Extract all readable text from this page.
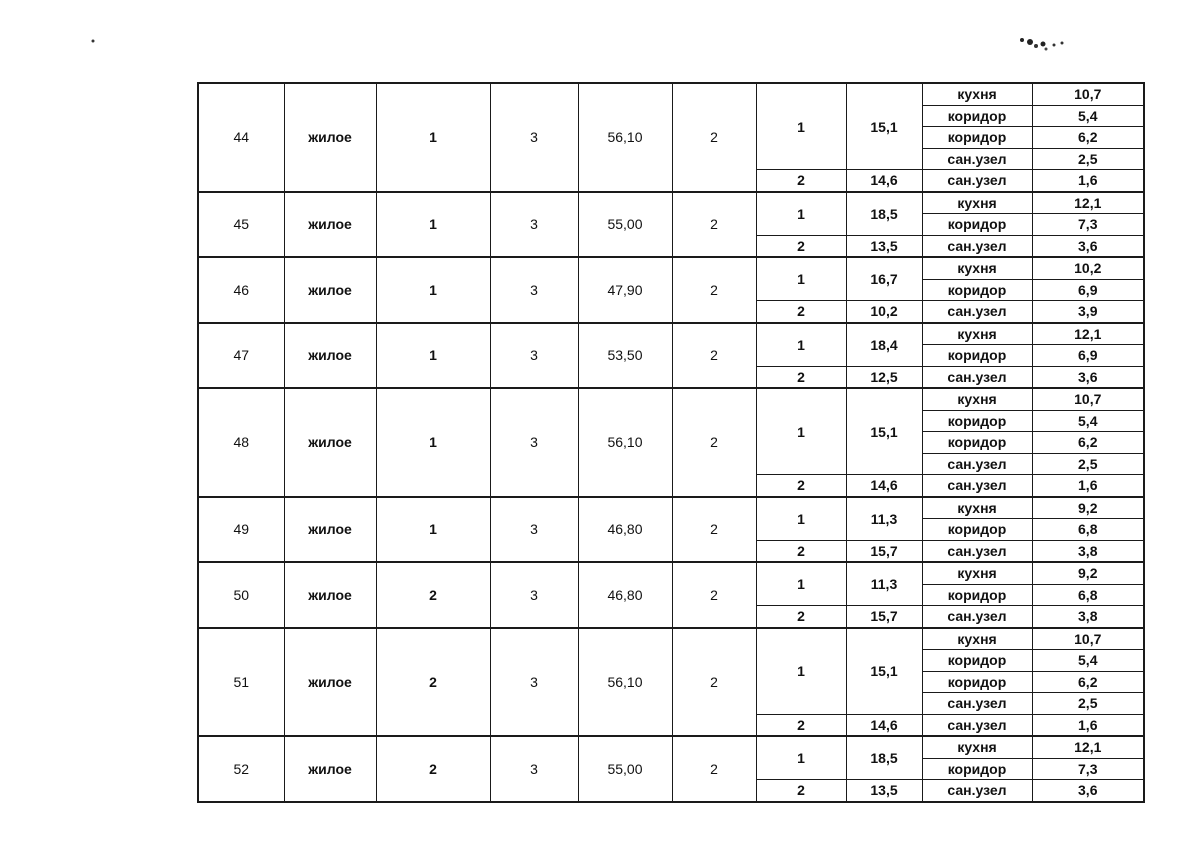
44	жилое	1	3	56,10	2	1	15,1	кухня	10,7
								коридор	5,4
								коридор	6,2
								сан.узел	2,5
						2	14,6	сан.узел	1,6
45	жилое	1	3	55,00	2	1	18,5	кухня	12,1
								коридор	7,3
						2	13,5	сан.узел	3,6
46	жилое	1	3	47,90	2	1	16,7	кухня	10,2
								коридор	6,9
						2	10,2	сан.узел	3,9
47	жилое	1	3	53,50	2	1	18,4	кухня	12,1
								коридор	6,9
						2	12,5	сан.узел	3,6
48	жилое	1	3	56,10	2	1	15,1	кухня	10,7
								коридор	5,4
								коридор	6,2
								сан.узел	2,5
						2	14,6	сан.узел	1,6
49	жилое	1	3	46,80	2	1	11,3	кухня	9,2
								коридор	6,8
						2	15,7	сан.узел	3,8
50	жилое	2	3	46,80	2	1	11,3	кухня	9,2
								коридор	6,8
						2	15,7	сан.узел	3,8
51	жилое	2	3	56,10	2	1	15,1	кухня	10,7
								коридор	5,4
								коридор	6,2
								сан.узел	2,5
						2	14,6	сан.узел	1,6
52	жилое	2	3	55,00	2	1	18,5	кухня	12,1
								коридор	7,3
						2	13,5	сан.узел	3,6
